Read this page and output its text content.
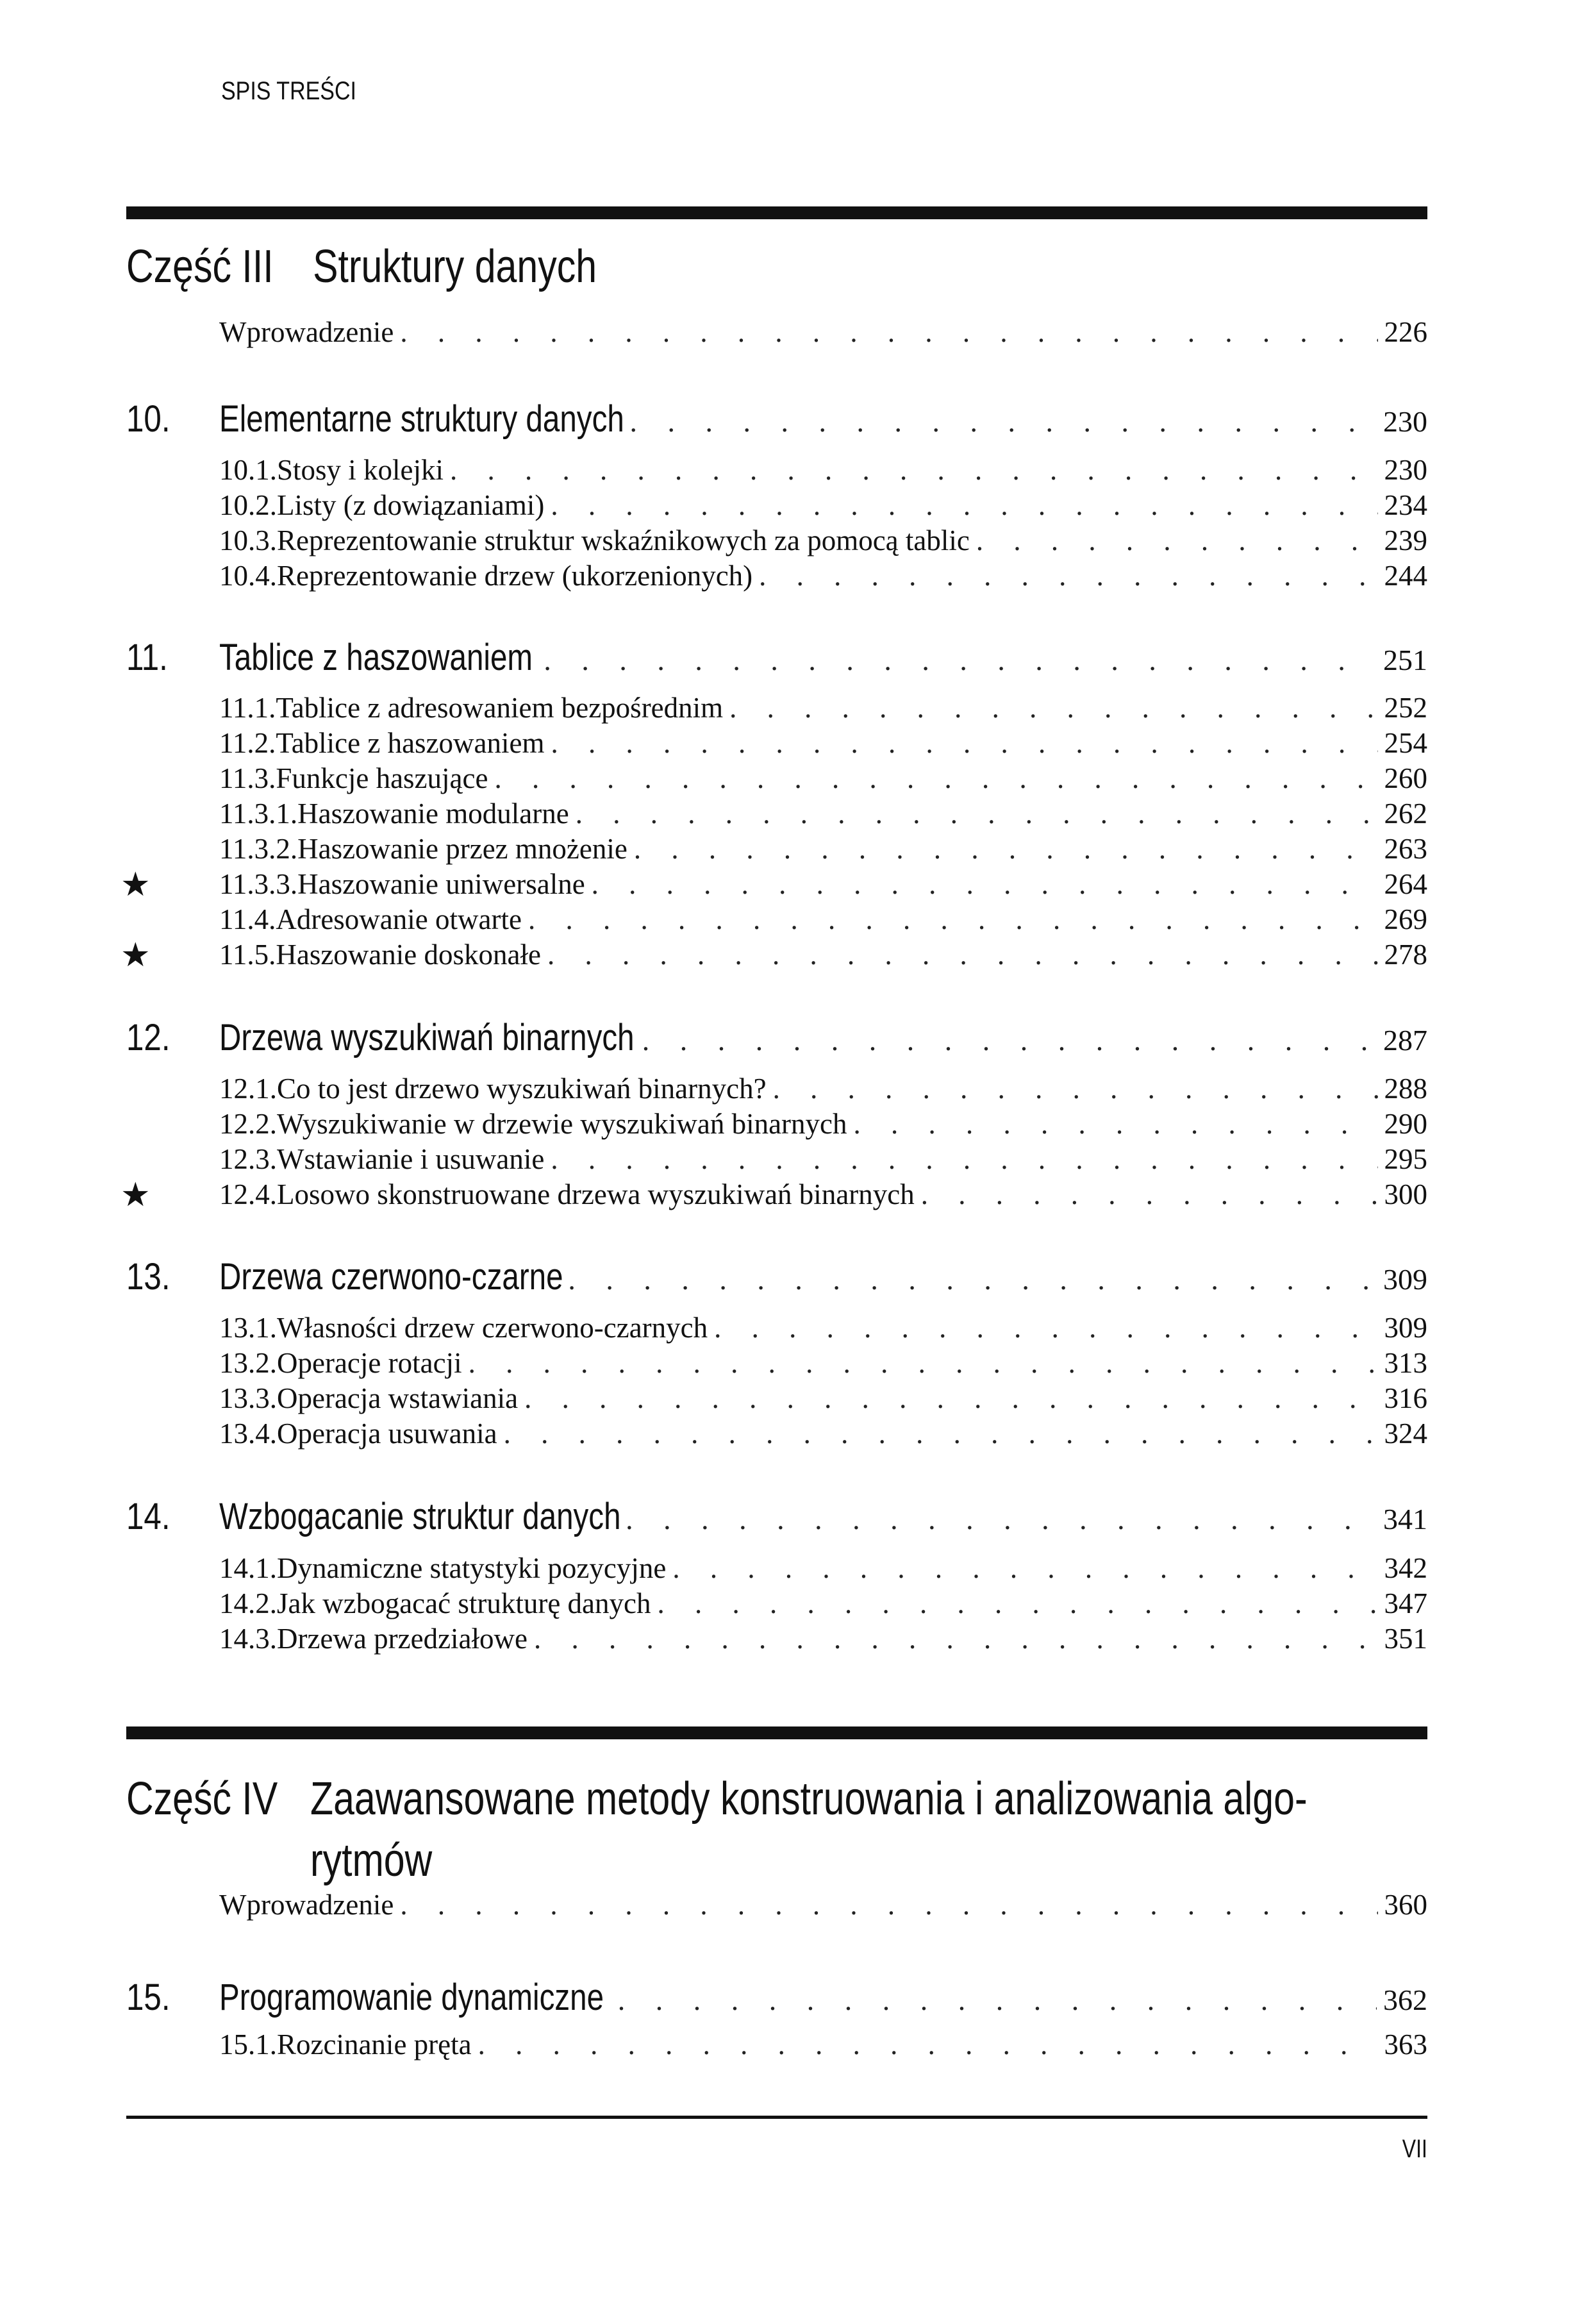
SPIS TREŚCI
Część III Struktury danych
Wprowadzenie . . .	226
10.	Elementarne struktury danych . . .	230
10.1. Stosy i kolejki . . .	230
10.2. Listy (z dowiązaniami) . . .	234
10.3. Reprezentowanie struktur wskaźnikowych za pomocą tablic . . .	239
10.4. Reprezentowanie drzew (ukorzenionych) . . .	244
11.	Tablice z haszowaniem . . .	251
11.1. Tablice z adresowaniem bezpośrednim . . .	252
11.2. Tablice z haszowaniem . . .	254
11.3. Funkcje haszujące . . .	260
11.3.1. Haszowanie modularne . . .	262
11.3.2. Haszowanie przez mnożenie . . .	263
★ 11.3.3. Haszowanie uniwersalne . . .	264
11.4. Adresowanie otwarte . . .	269
★ 11.5. Haszowanie doskonałe . . .	278
12.	Drzewa wyszukiwań binarnych . . .	287
12.1. Co to jest drzewo wyszukiwań binarnych? . . .	288
12.2. Wyszukiwanie w drzewie wyszukiwań binarnych . . .	290
12.3. Wstawianie i usuwanie . . .	295
★ 12.4. Losowo skonstruowane drzewa wyszukiwań binarnych . . .	300
13.	Drzewa czerwono-czarne . . .	309
13.1. Własności drzew czerwono-czarnych . . .	309
13.2. Operacje rotacji . . .	313
13.3. Operacja wstawiania . . .	316
13.4. Operacja usuwania . . .	324
14.	Wzbogacanie struktur danych . . .	341
14.1. Dynamiczne statystyki pozycyjne . . .	342
14.2. Jak wzbogacać strukturę danych . . .	347
14.3. Drzewa przedziałowe . . .	351
Część IV Zaawansowane metody konstruowania i analizowania algo-
rytmów
Wprowadzenie . . .	360
15.	Programowanie dynamiczne . . .	362
15.1. Rozcinanie pręta . . .	363
VII
